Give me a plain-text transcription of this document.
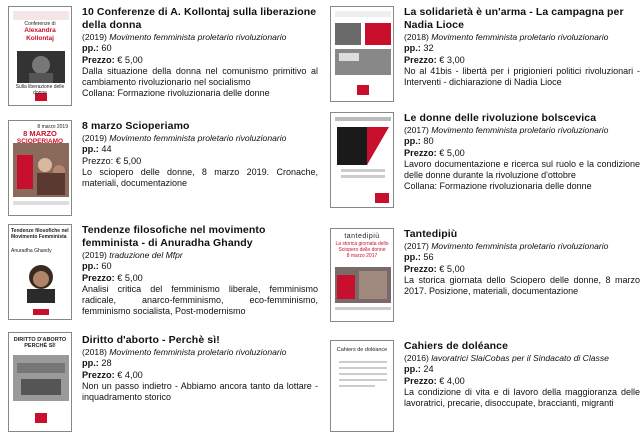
Conferenze di
Alexandra
Kollontaj
Sulla liberazione delle donne
10 Conferenze di A. Kollontaj sulla liberazione della donna
(2019) Movimento femminista proletario rivoluzionario
pp.: 60
Prezzo: € 5,00
Dalla situazione della donna nel comunismo primitivo al cambiamento rivoluzionario nel socialismo
Collana: Formazione rivoluzionaria delle donne
8 marzo 2019
8 MARZO
SCIOPERIAMO
8 marzo Scioperiamo
(2019) Movimento femminista proletario rivoluzionario
pp.: 44
Prezzo: € 5,00
Lo sciopero delle donne, 8 marzo 2019. Cronache, materiali, documentazione
Tendenze filosofiche nel
Movimento Femminista
Anuradha Ghandy
Tendenze filosofiche nel movimento femminista - di Anuradha Ghandy
(2019) traduzione del Mfpr
pp.: 60
Prezzo: € 5,00
Analisi critica del femminismo liberale, femminismo radicale, anarco-femminismo, eco-femminismo, femminismo socialista, Post-modernismo
DIRITTO D'ABORTO
PERCHÈ SÌ!	Diritto d'aborto - Perchè sì!
(2018) Movimento femminista proletario rivoluzionario
pp.: 28
Prezzo: € 4,00
Non un passo indietro - Abbiamo ancora tanto da lottare - inquadramento storico
La solidarietà è un'arma - La campagna per Nadia Lioce
(2018) Movimento femminista proletario rivoluzionario
pp.: 32
Prezzo: € 3,00
No al 41bis - libertà per i prigionieri politici rivoluzionari - Interventi - dichiarazione di Nadia Lioce
Le donne delle rivoluzione bolscevica
(2017) Movimento femminista proletario rivoluzionario
pp.: 80
Prezzo: € 5,00
Lavoro documentazione e ricerca sul ruolo e la condizione delle donne durante la rivoluzione d'ottobre
Collana: Formazione rivoluzionaria delle donne
tantedipiù
La storica giornata dello Sciopero delle donne
8 marzo 2017
Tantedipiù
(2017) Movimento femminista proletario rivoluzionario
pp.: 56
Prezzo: € 5,00
La storica giornata dello Sciopero delle donne, 8 marzo 2017. Posizione, materiali, documentazione
Cahiers de doléance	Cahiers de doléance
(2016) lavoratrici SlaiCobas per il Sindacato di Classe
pp.: 24
Prezzo: € 4,00
La condizione di vita e di lavoro della maggioranza delle lavoratrici, precarie, disoccupate, braccianti, migranti
